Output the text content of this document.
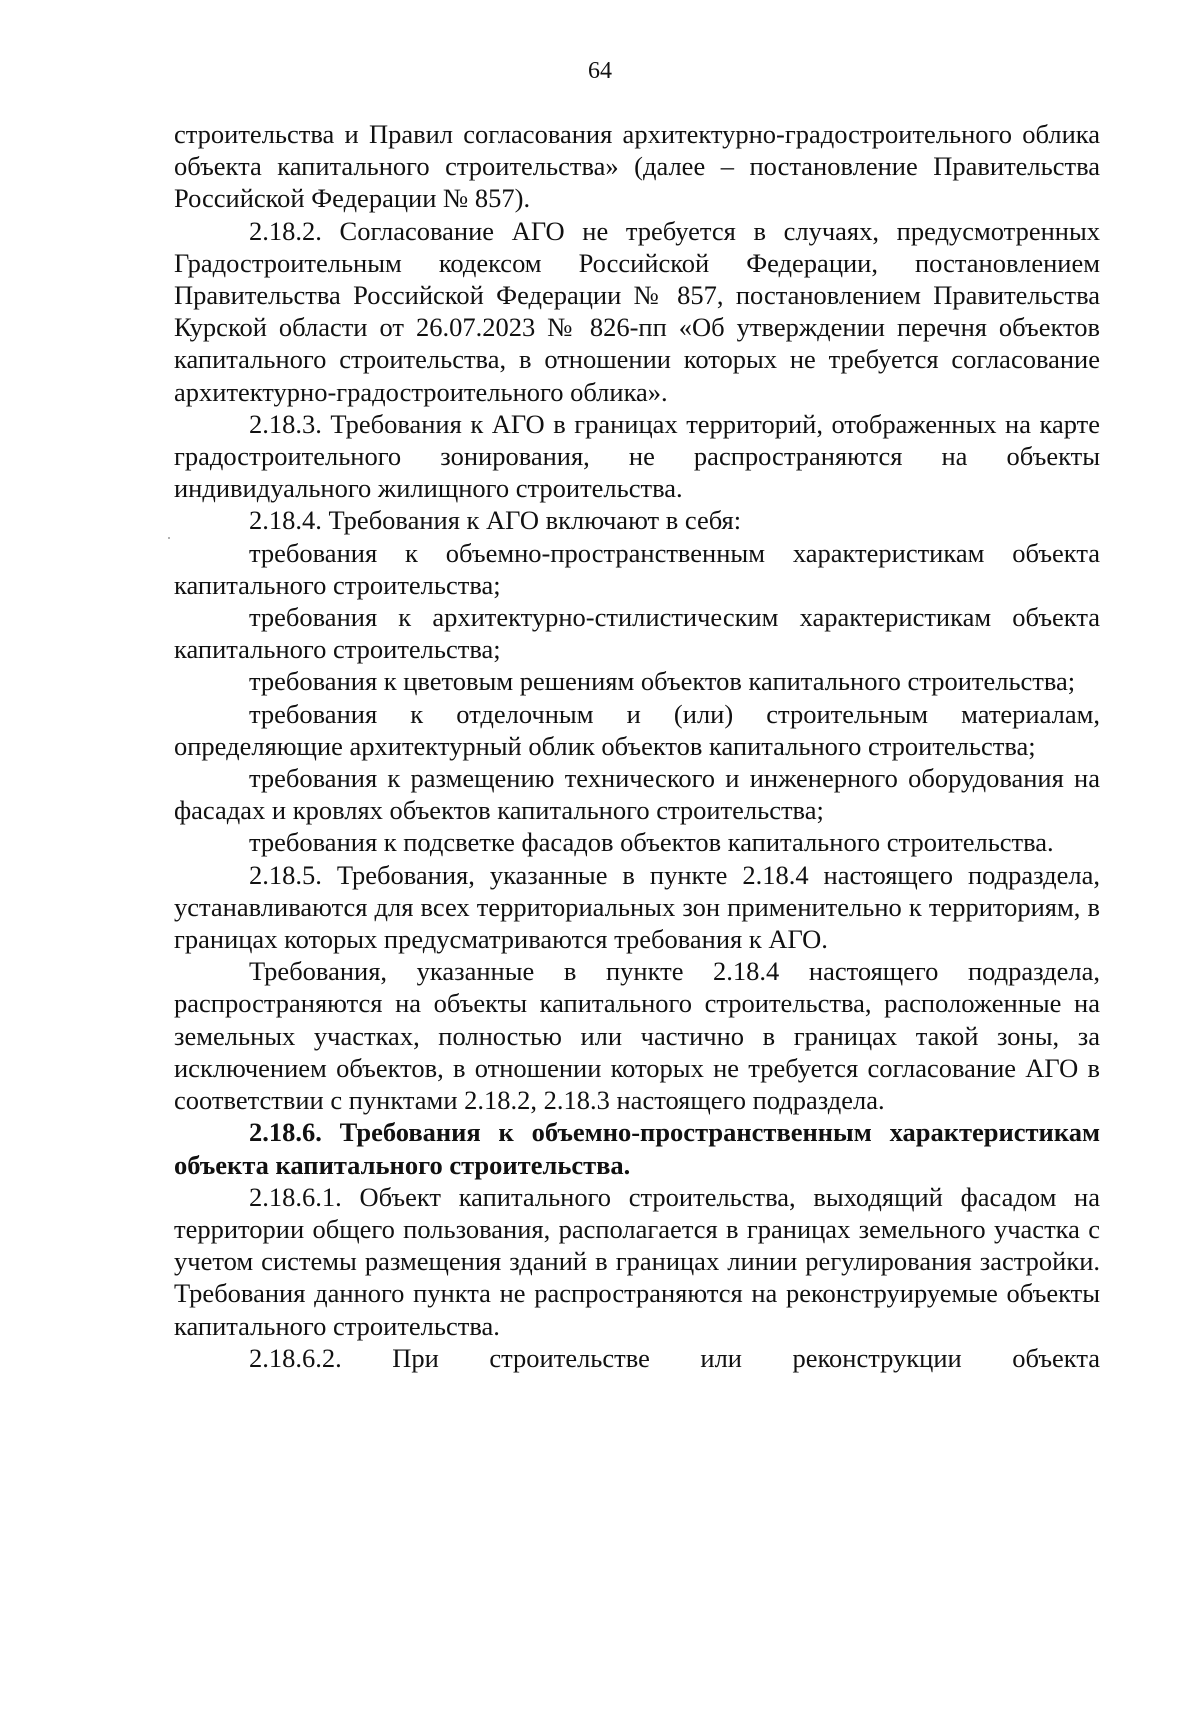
64

строительства и Правил согласования архитектурно-градостроительного облика объекта капитального строительства» (далее – постановление Правительства Российской Федерации № 857).

2.18.2. Согласование АГО не требуется в случаях, предусмотренных Градостроительным кодексом Российской Федерации, постановлением Правительства Российской Федерации № 857, постановлением Правительства Курской области от 26.07.2023 № 826-пп «Об утверждении перечня объектов капитального строительства, в отношении которых не требуется согласование архитектурно-градостроительного облика».

2.18.3. Требования к АГО в границах территорий, отображенных на карте градостроительного зонирования, не распространяются на объекты индивидуального жилищного строительства.

2.18.4. Требования к АГО включают в себя:

требования к объемно-пространственным характеристикам объекта капитального строительства;

требования к архитектурно-стилистическим характеристикам объекта капитального строительства;

требования к цветовым решениям объектов капитального строительства;

требования к отделочным и (или) строительным материалам, определяющие архитектурный облик объектов капитального строительства;

требования к размещению технического и инженерного оборудования на фасадах и кровлях объектов капитального строительства;

требования к подсветке фасадов объектов капитального строительства.

2.18.5. Требования, указанные в пункте 2.18.4 настоящего подраздела, устанавливаются для всех территориальных зон применительно к территориям, в границах которых предусматриваются требования к АГО.

Требования, указанные в пункте 2.18.4 настоящего подраздела, распространяются на объекты капитального строительства, расположенные на земельных участках, полностью или частично в границах такой зоны, за исключением объектов, в отношении которых не требуется согласование АГО в соответствии с пунктами 2.18.2, 2.18.3 настоящего подраздела.

2.18.6. Требования к объемно-пространственным характеристикам объекта капитального строительства.

2.18.6.1. Объект капитального строительства, выходящий фасадом на территории общего пользования, располагается в границах земельного участка с учетом системы размещения зданий в границах линии регулирования застройки. Требования данного пункта не распространяются на реконструируемые объекты капитального строительства.

2.18.6.2. При строительстве или реконструкции объекта
